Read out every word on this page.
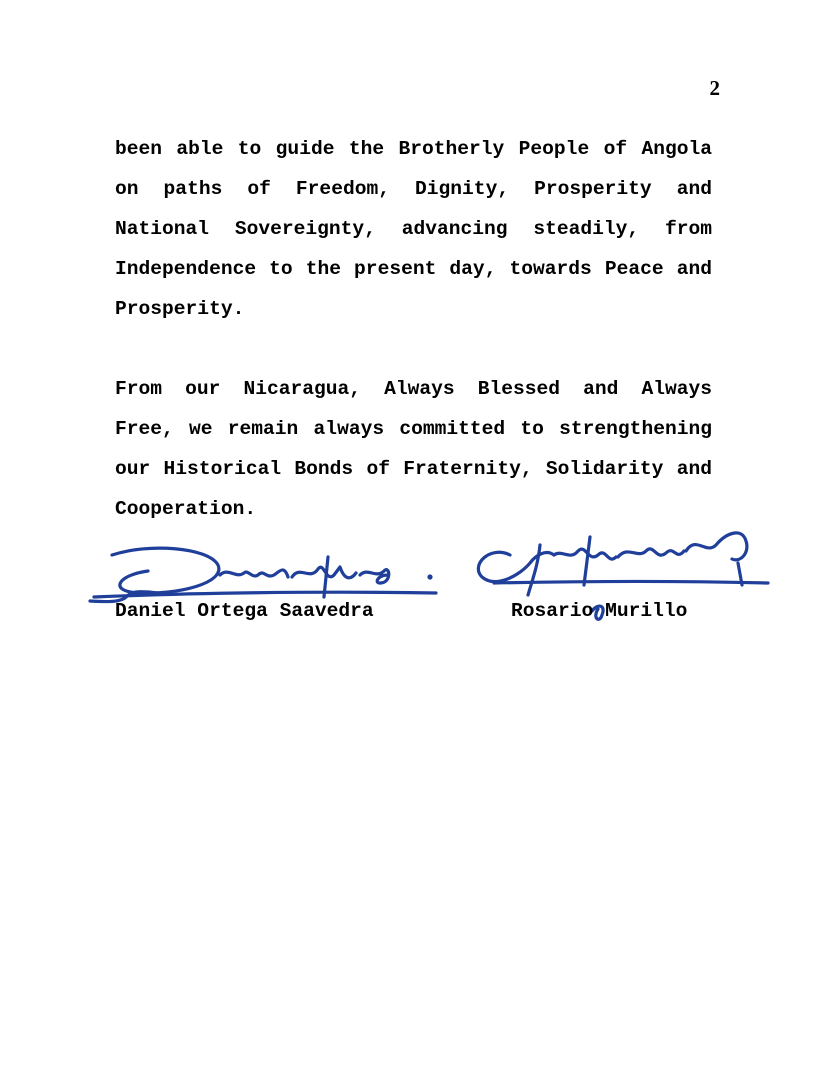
2
been able to guide the Brotherly People of Angola on paths of Freedom, Dignity, Prosperity and National Sovereignty, advancing steadily, from Independence to the present day, towards Peace and Prosperity.
From our Nicaragua, Always Blessed and Always Free, we remain always committed to strengthening our Historical Bonds of Fraternity, Solidarity and Cooperation.
Daniel Ortega Saavedra	Rosario Murillo
